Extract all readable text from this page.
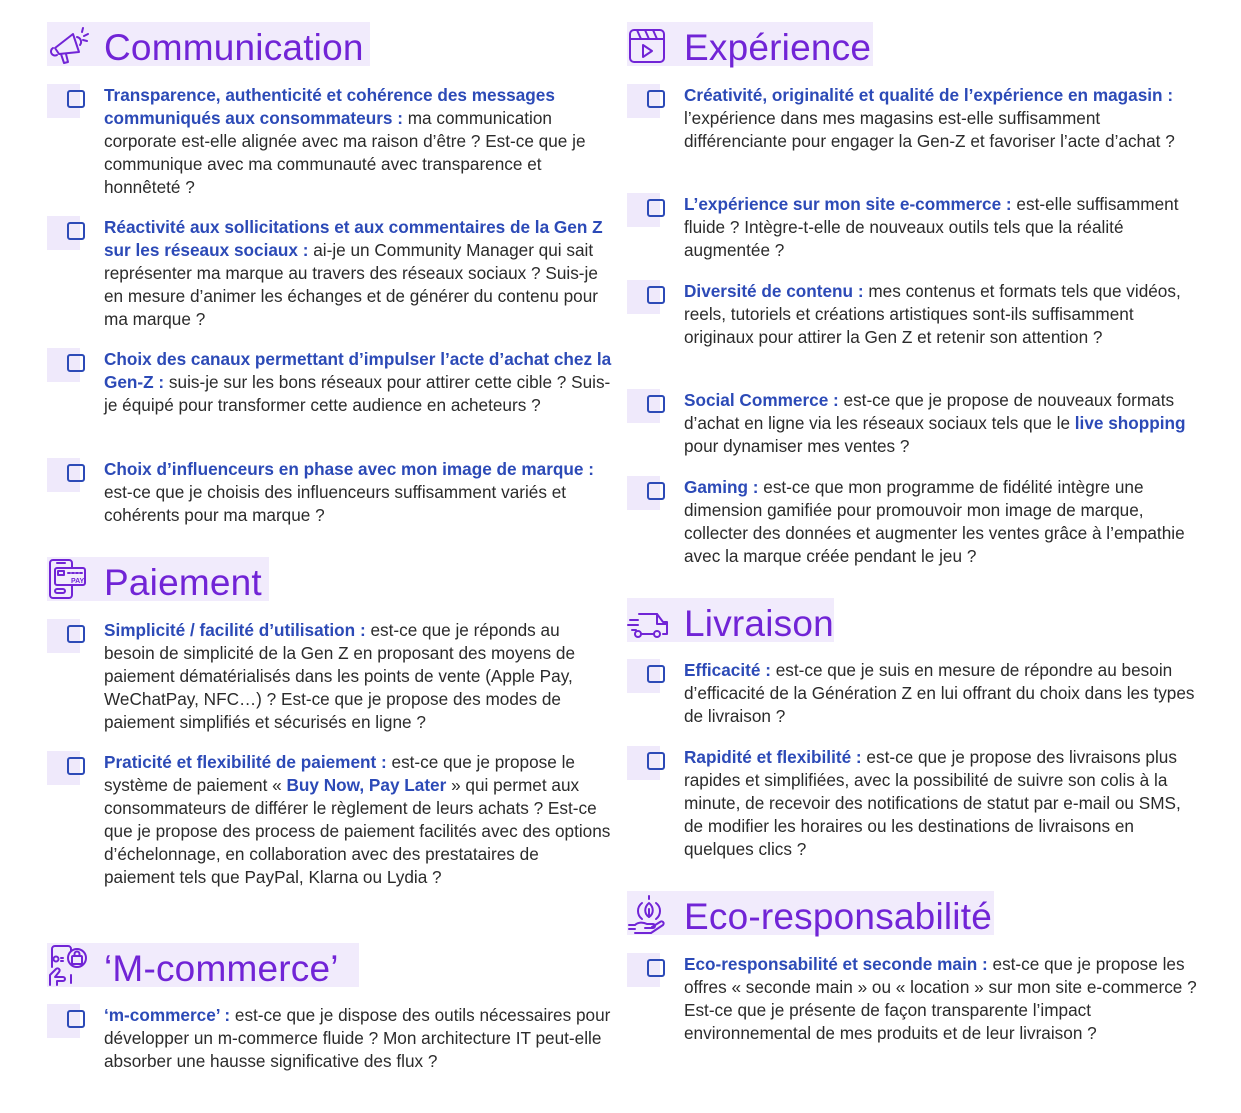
Communication
Transparence, authenticité et cohérence des messages communiqués aux consommateurs : ma communication corporate est-elle alignée avec ma raison d’être ? Est-ce que je communique avec ma communauté avec transparence et honnêteté ?
Réactivité aux sollicitations et aux commentaires de la Gen Z sur les réseaux sociaux : ai-je un Community Manager qui sait représenter ma marque au travers des réseaux sociaux ? Suis-je en mesure d’animer les échanges et de générer du contenu pour ma marque ?
Choix des canaux permettant d’impulser l’acte d’achat chez la Gen-Z : suis-je sur les bons réseaux pour attirer cette cible ? Suis-je équipé pour transformer cette audience en acheteurs ?
Choix d’influenceurs en phase avec mon image de marque : est-ce que je choisis des influenceurs suffisamment variés et cohérents pour ma marque ?
PAY Paiement
Simplicité / facilité d’utilisation : est-ce que je réponds au besoin de simplicité de la Gen Z en proposant des moyens de paiement dématérialisés dans les points de vente (Apple Pay, WeChatPay, NFC…) ? Est-ce que je propose des modes de paiement simplifiés et sécurisés en ligne ?
Praticité et flexibilité de paiement : est-ce que je propose le système de paiement « Buy Now, Pay Later » qui permet aux consommateurs de différer le règlement de leurs achats ? Est-ce que je propose des process de paiement facilités avec des options d’échelonnage, en collaboration avec des prestataires de paiement tels que PayPal, Klarna ou Lydia ?
‘M-commerce’
‘m-commerce’ : est-ce que je dispose des outils nécessaires pour développer un m-commerce fluide ? Mon architecture IT peut-elle absorber une hausse significative des flux ?
Expérience
Créativité, originalité et qualité de l’expérience en magasin : l’expérience dans mes magasins est-elle suffisamment différenciante pour engager la Gen-Z et favoriser l’acte d’achat ?
L’expérience sur mon site e-commerce : est-elle suffisamment fluide ? Intègre-t-elle de nouveaux outils tels que la réalité augmentée ?
Diversité de contenu : mes contenus et formats tels que vidéos, reels, tutoriels et créations artistiques sont-ils suffisamment originaux pour attirer la Gen Z et retenir son attention ?
Social Commerce : est-ce que je propose de nouveaux formats d’achat en ligne via les réseaux sociaux tels que le live shopping pour dynamiser mes ventes ?
Gaming : est-ce que mon programme de fidélité intègre une dimension gamifiée pour promouvoir mon image de marque, collecter des données et augmenter les ventes grâce à l’empathie avec la marque créée pendant le jeu ?
Livraison
Efficacité : est-ce que je suis en mesure de répondre au besoin d’efficacité de la Génération Z en lui offrant du choix dans les types de livraison ?
Rapidité et flexibilité : est-ce que je propose des livraisons plus rapides et simplifiées, avec la possibilité de suivre son colis à la minute, de recevoir des notifications de statut par e-mail ou SMS, de modifier les horaires ou les destinations de livraisons en quelques clics ?
Eco-responsabilité
Eco-responsabilité et seconde main : est-ce que je propose les offres « seconde main » ou « location » sur mon site e-commerce ? Est-ce que je présente de façon transparente l’impact environnemental de mes produits et de leur livraison ?
